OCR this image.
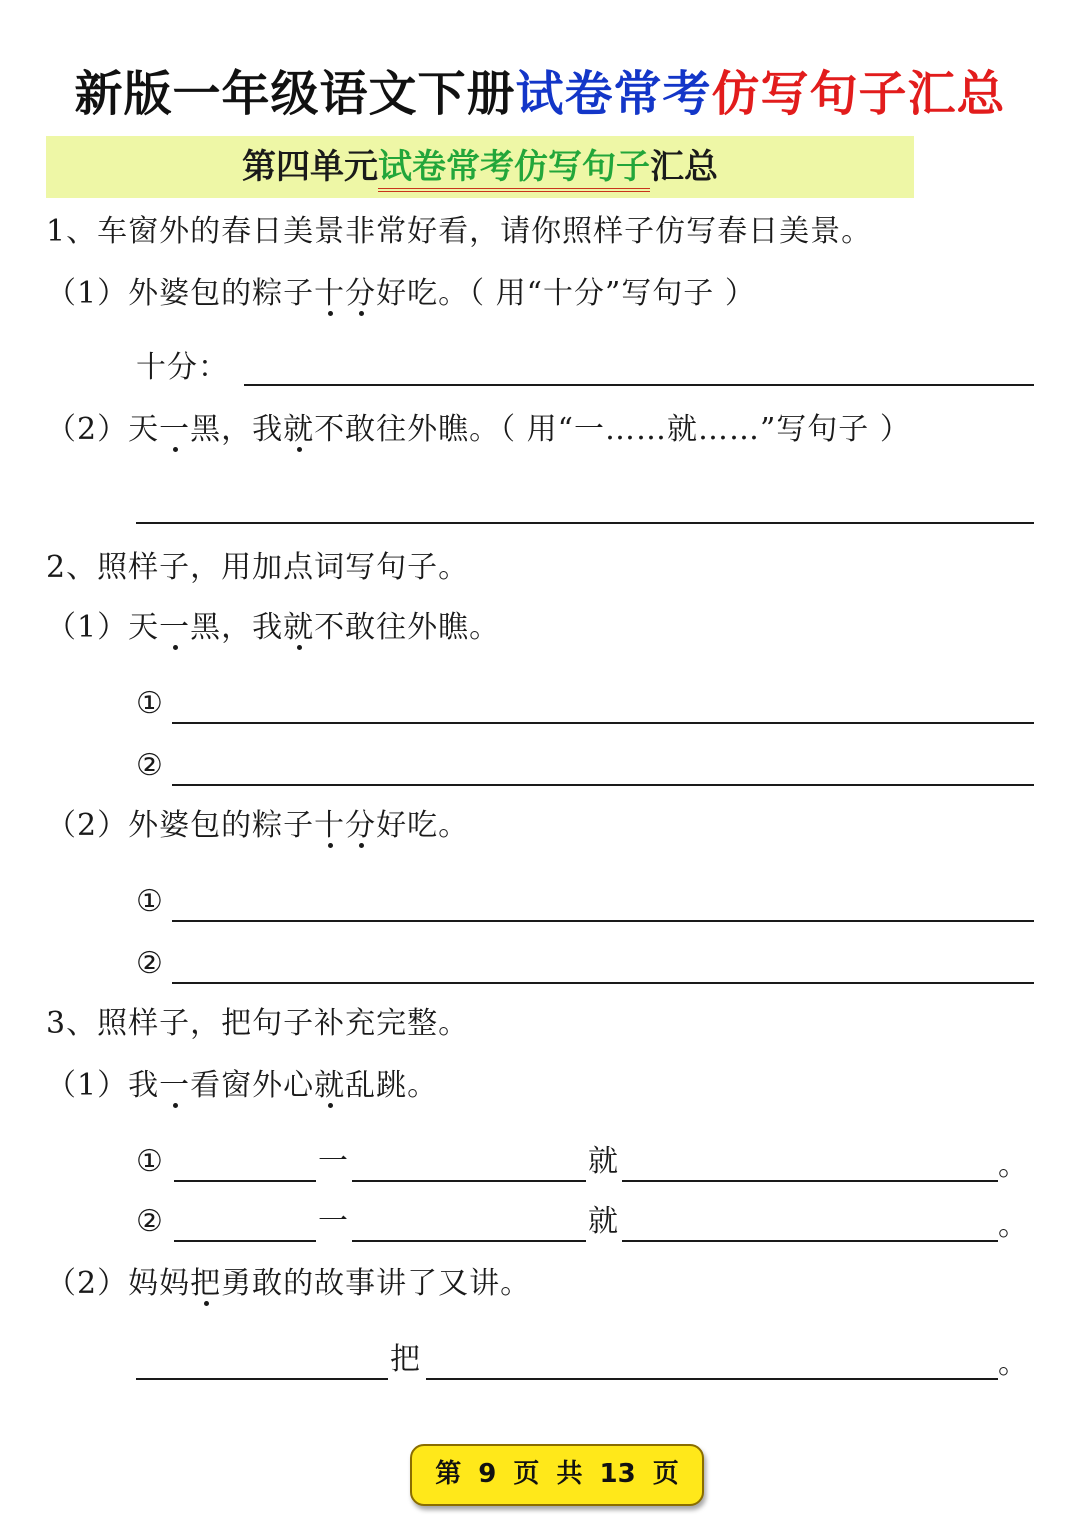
新版一年级语文下册试卷常考仿写句子汇总
第四单元试卷常考仿写句子汇总
1、车窗外的春日美景非常好看，请你照样子仿写春日美景。
（1）外婆包的粽子十分好吃。（ 用“十分”写句子 ）
十分：
（2）天一黑，我就不敢往外瞧。（ 用“一……就……”写句子 ）
2、照样子，用加点词写句子。
（1）天一黑，我就不敢往外瞧。
①
②
（2）外婆包的粽子十分好吃。
①
②
3、照样子，把句子补充完整。
（1）我一看窗外心就乱跳。
①	一	就	。
②	一	就	。
（2）妈妈把勇敢的故事讲了又讲。
把	。
第 9 页 共 13 页
